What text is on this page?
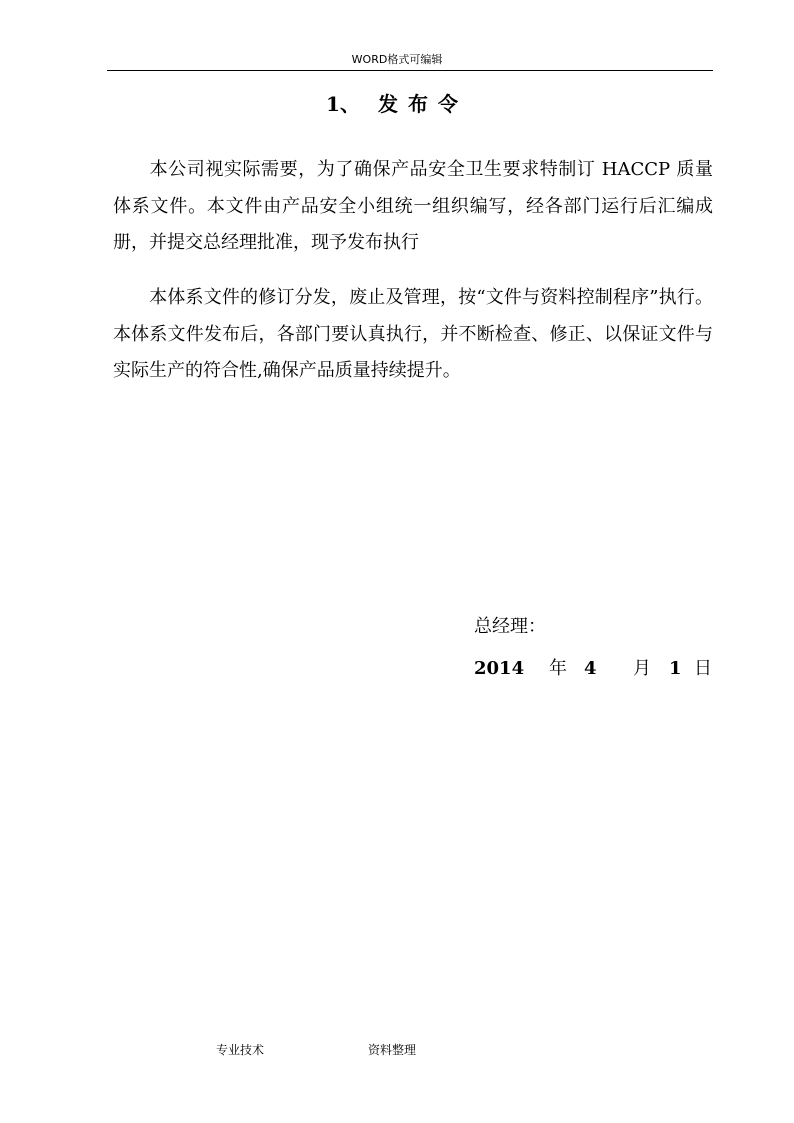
WORD格式可编辑
1、 发布令

本公司视实际需要，为了确保产品安全卫生要求特制订 HACCP 质量体系文件。本文件由产品安全小组统一组织编写，经各部门运行后汇编成册，并提交总经理批准，现予发布执行

本体系文件的修订分发，废止及管理，按“文件与资料控制程序”执行。本体系文件发布后，各部门要认真执行，并不断检查、修正、以保证文件与实际生产的符合性,确保产品质量持续提升。

总经理：
2014 年 4 月 1 日
专业技术	资料整理
